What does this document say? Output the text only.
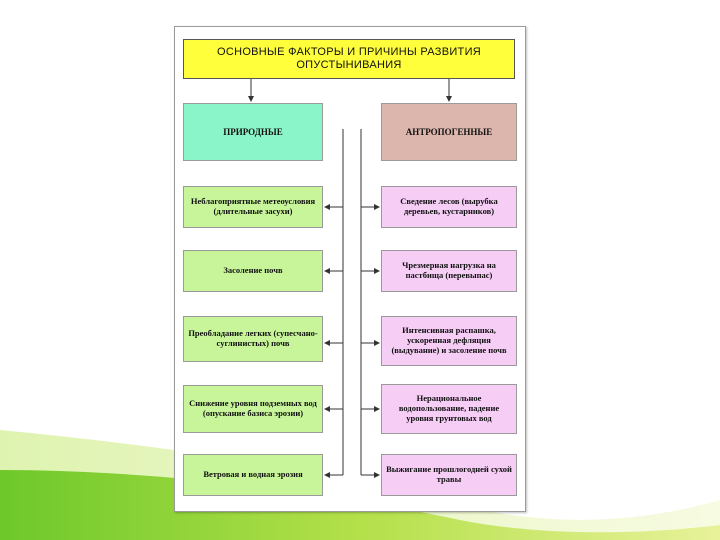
ОСНОВНЫЕ ФАКТОРЫ И ПРИЧИНЫ РАЗВИТИЯ ОПУСТЫНИВАНИЯ
ПРИРОДНЫЕ	АНТРОПОГЕННЫЕ
Неблагоприятные метеоусловия (длительные засухи)
Засоление почв
Преобладание легких (супесчано-суглинистых) почв
Снижение уровня подземных вод (опускание базиса эрозии)
Ветровая и водная эрозия
Сведение лесов (вырубка деревьев, кустарников)
Чрезмерная нагрузка на пастбища (перевыпас)
Интенсивная распашка, ускоренная дефляция (выдувание) и засоление почв
Нерациональное водопользование, падение уровня грунтовых вод
Выжигание прошлогодней сухой травы
